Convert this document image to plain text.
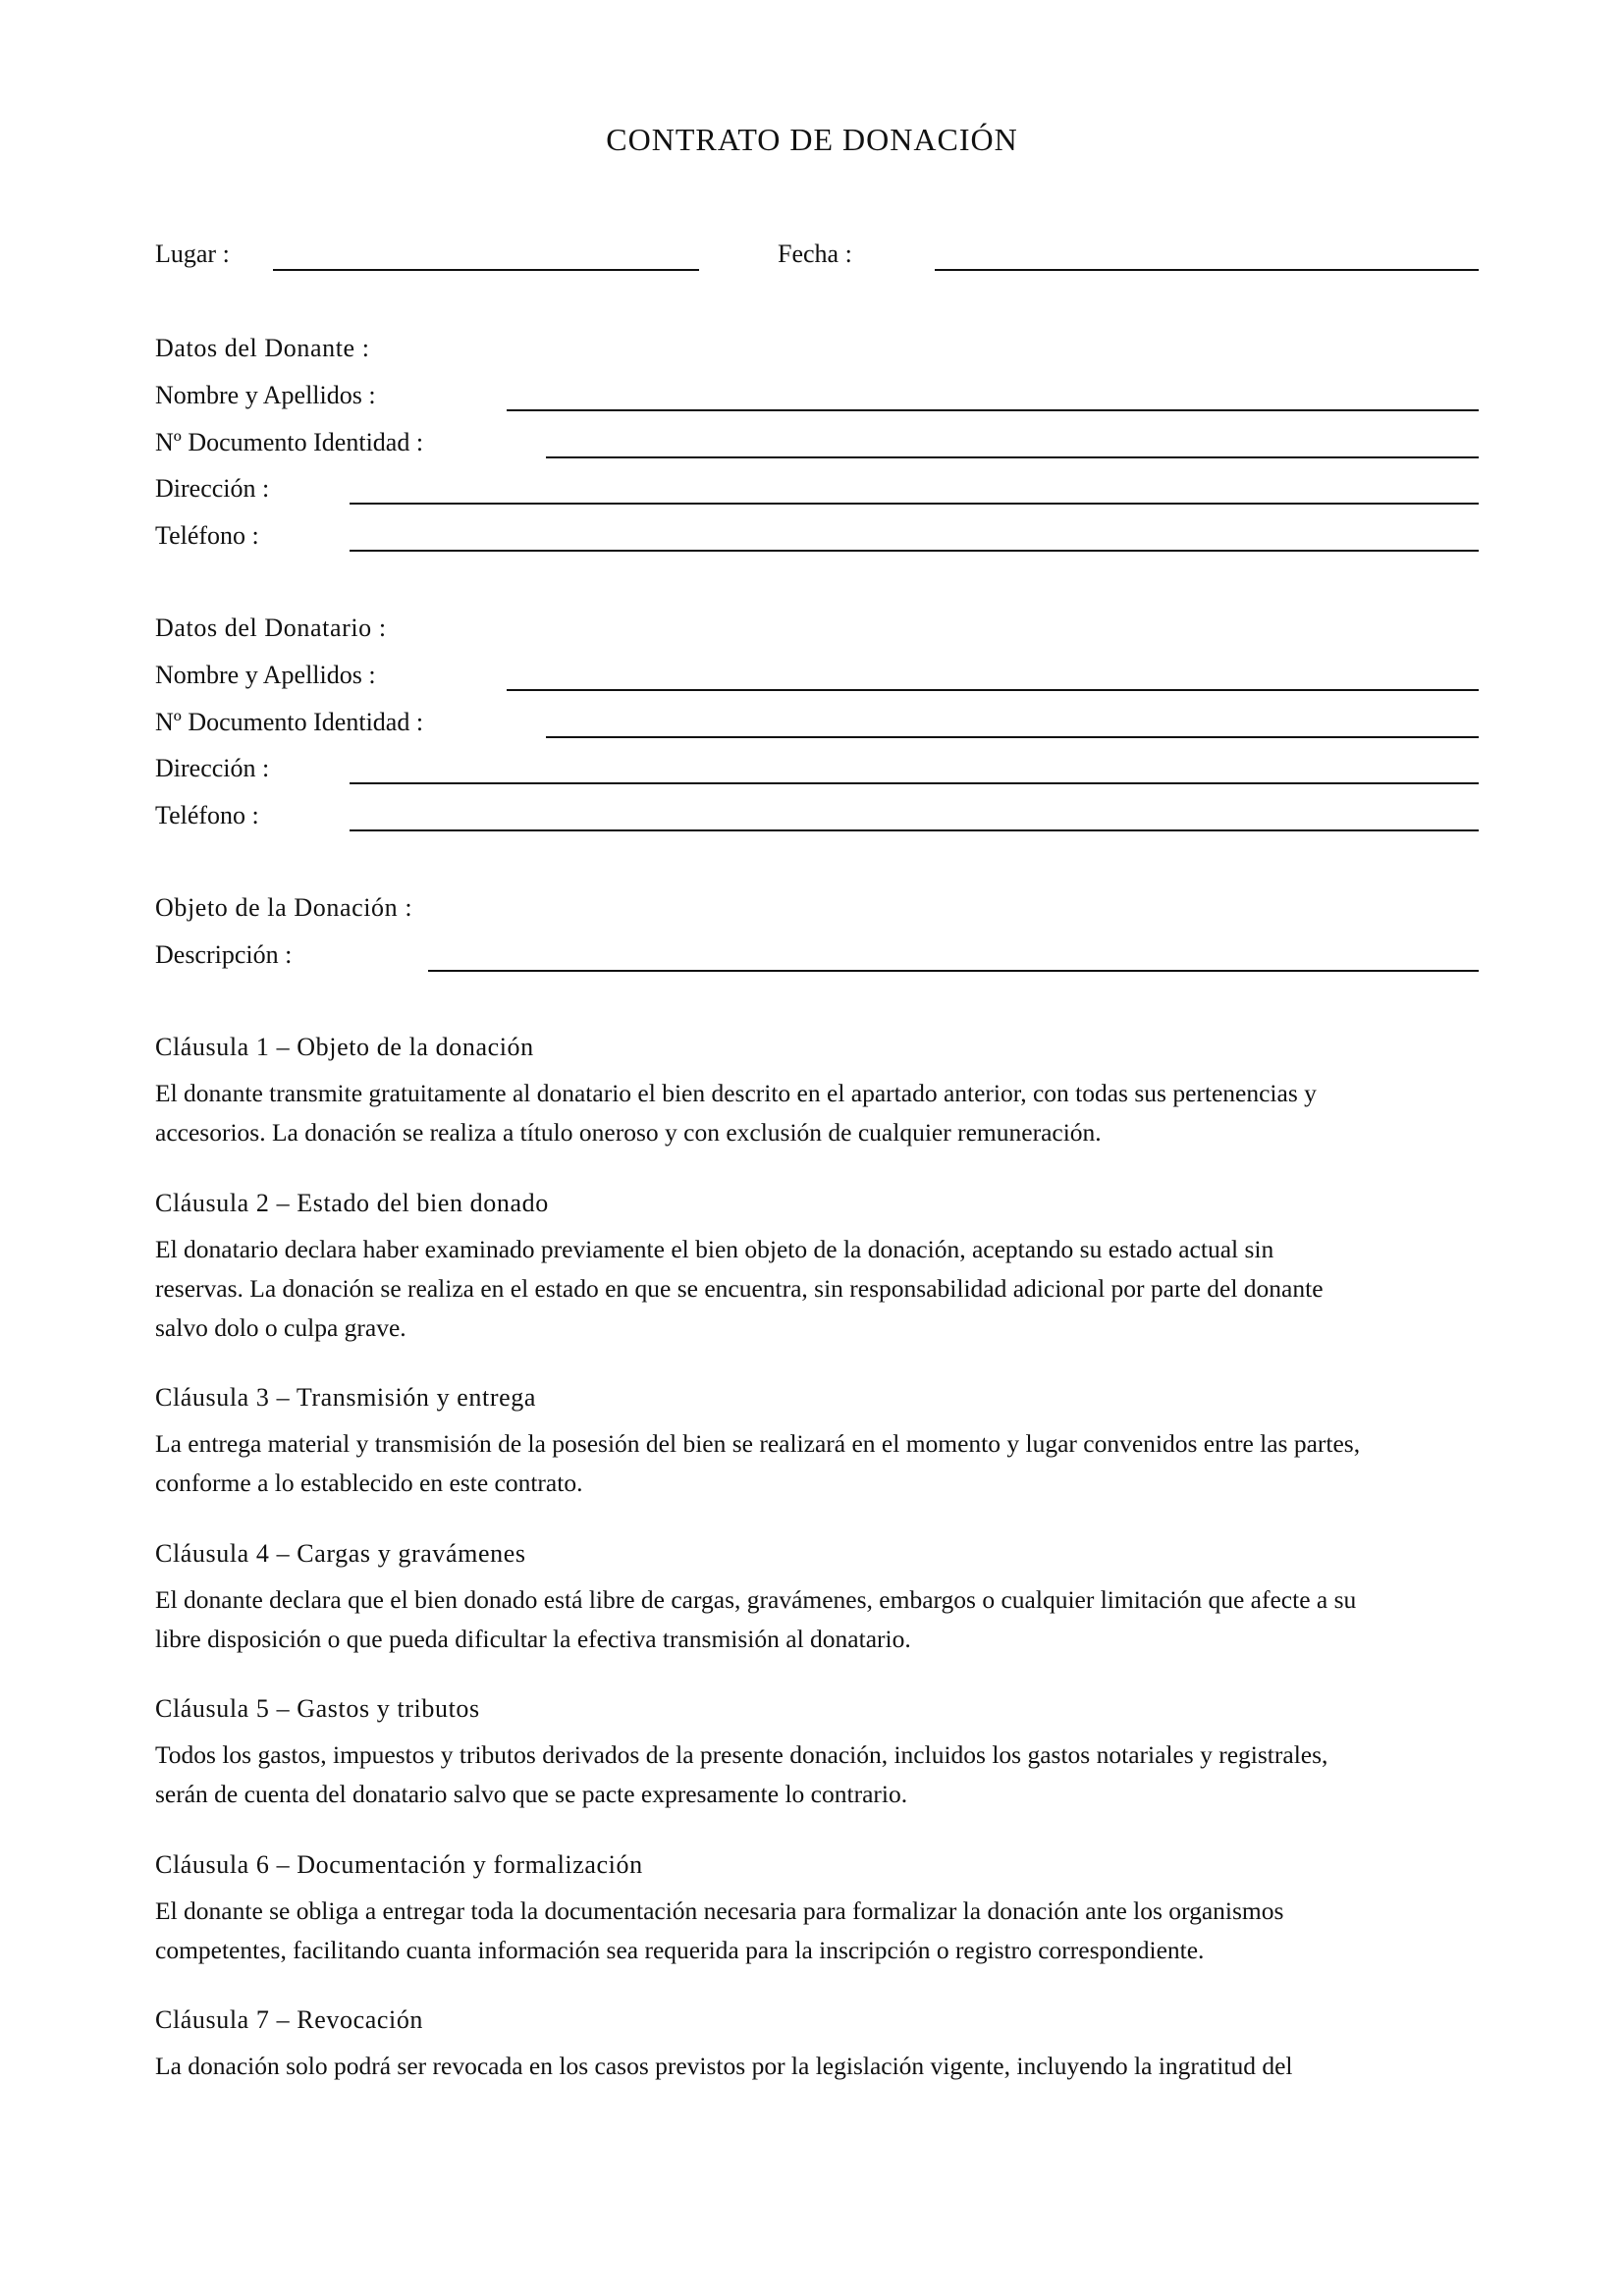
CONTRATO DE DONACIÓN
Lugar :	Fecha :
Datos del Donante :
Nombre y Apellidos :
Nº Documento Identidad :
Dirección :
Teléfono :
Datos del Donatario :
Nombre y Apellidos :
Nº Documento Identidad :
Dirección :
Teléfono :
Objeto de la Donación :
Descripción :
Cláusula 1 – Objeto de la donación
El donante transmite gratuitamente al donatario el bien descrito en el apartado anterior, con todas sus pertenencias y
accesorios. La donación se realiza a título oneroso y con exclusión de cualquier remuneración.
Cláusula 2 – Estado del bien donado
El donatario declara haber examinado previamente el bien objeto de la donación, aceptando su estado actual sin
reservas. La donación se realiza en el estado en que se encuentra, sin responsabilidad adicional por parte del donante
salvo dolo o culpa grave.
Cláusula 3 – Transmisión y entrega
La entrega material y transmisión de la posesión del bien se realizará en el momento y lugar convenidos entre las partes,
conforme a lo establecido en este contrato.
Cláusula 4 – Cargas y gravámenes
El donante declara que el bien donado está libre de cargas, gravámenes, embargos o cualquier limitación que afecte a su
libre disposición o que pueda dificultar la efectiva transmisión al donatario.
Cláusula 5 – Gastos y tributos
Todos los gastos, impuestos y tributos derivados de la presente donación, incluidos los gastos notariales y registrales,
serán de cuenta del donatario salvo que se pacte expresamente lo contrario.
Cláusula 6 – Documentación y formalización
El donante se obliga a entregar toda la documentación necesaria para formalizar la donación ante los organismos
competentes, facilitando cuanta información sea requerida para la inscripción o registro correspondiente.
Cláusula 7 – Revocación
La donación solo podrá ser revocada en los casos previstos por la legislación vigente, incluyendo la ingratitud del
